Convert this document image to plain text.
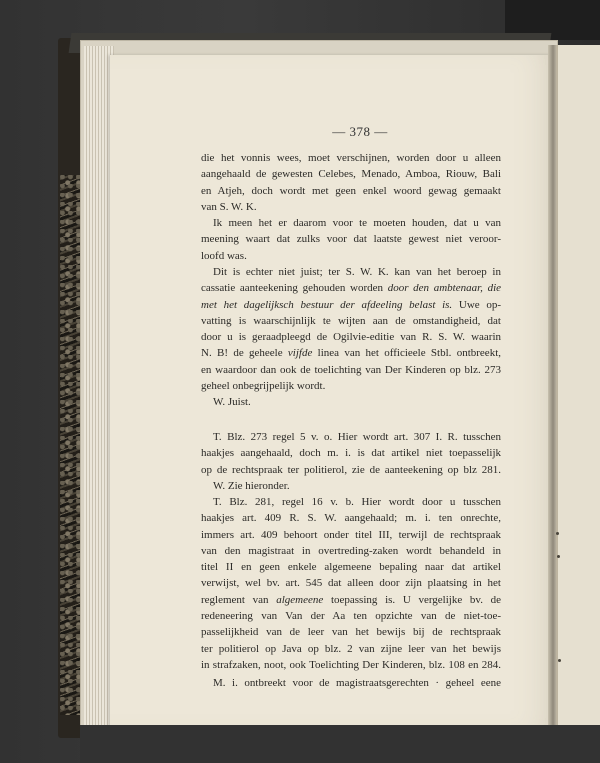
— 378 —
die het vonnis wees, moet verschijnen, worden door u alleen
aangehaald de gewesten Celebes, Menado, Amboa, Riouw, Bali
en Atjeh, doch wordt met geen enkel woord gewag gemaakt
van S. W. K.
Ik meen het er daarom voor te moeten houden, dat u van
meening waart dat zulks voor dat laatste gewest niet veroor-
loofd was.
Dit is echter niet juist; ter S. W. K. kan van het beroep in
cassatie aanteekening gehouden worden door den ambtenaar, die
met het dagelijksch bestuur der afdeeling belast is. Uwe op-
vatting is waarschijnlijk te wijten aan de omstandigheid, dat
door u is geraadpleegd de Ogilvie-editie van R. S. W. waarin
N. B! de geheele vijfde linea van het officieele Stbl. ontbreekt,
en waardoor dan ook de toelichting van Der Kinderen op blz. 273
geheel onbegrijpelijk wordt.
W. Juist.
T. Blz. 273 regel 5 v. o. Hier wordt art. 307 I. R. tusschen
haakjes aangehaald, doch m. i. is dat artikel niet toepasselijk
op de rechtspraak ter politierol, zie de aanteekening op blz 281.
W. Zie hieronder.
T. Blz. 281, regel 16 v. b. Hier wordt door u tusschen
haakjes art. 409 R. S. W. aangehaald; m. i. ten onrechte,
immers art. 409 behoort onder titel III, terwijl de rechtspraak
van den magistraat in overtreding-zaken wordt behandeld in
titel II en geen enkele algemeene bepaling naar dat artikel
verwijst, wel bv. art. 545 dat alleen door zijn plaatsing in het
reglement van algemeene toepassing is. U vergelijke bv. de
redeneering van Van der Aa ten opzichte van de niet-toe-
passelijkheid van de leer van het bewijs bij de rechtspraak
ter politierol op Java op blz. 2 van zijne leer van het bewijs
in strafzaken, noot, ook Toelichting Der Kinderen, blz. 108 en 284.
M. i. ontbreekt voor de magistraatsgerechten · geheel eene
